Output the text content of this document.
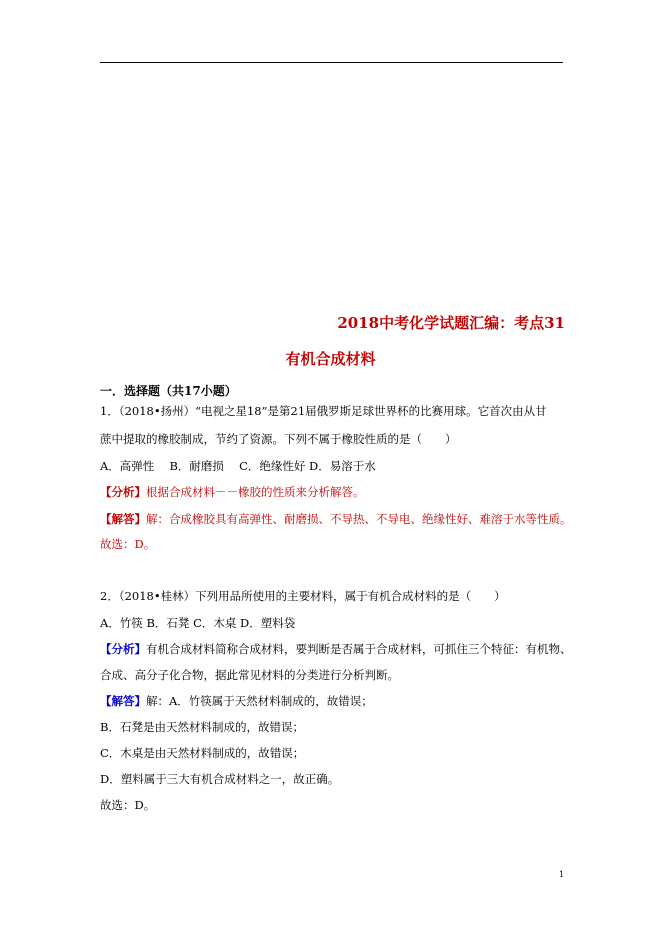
2018中考化学试题汇编：考点31
有机合成材料
一．选择题（共17小题）
1．（2018•扬州）“电视之星18”是第21届俄罗斯足球世界杯的比赛用球。它首次由从甘
蔗中提取的橡胶制成，节约了资源。下列不属于橡胶性质的是（　　）
A．高弹性　 B．耐磨损　 C．绝缘性好 D．易溶于水
【分析】根据合成材料－－橡胶的性质来分析解答。
【解答】解：合成橡胶具有高弹性、耐磨损、不导热、不导电、绝缘性好、难溶于水等性质。
故选：D。
2．（2018•桂林）下列用品所使用的主要材料，属于有机合成材料的是（　　）
A．竹筷 B．石凳 C．木桌 D．塑料袋
【分析】有机合成材料简称合成材料，要判断是否属于合成材料，可抓住三个特征：有机物、
合成、高分子化合物，据此常见材料的分类进行分析判断。
【解答】解：A．竹筷属于天然材料制成的，故错误；
B．石凳是由天然材料制成的，故错误；
C．木桌是由天然材料制成的，故错误；
D．塑料属于三大有机合成材料之一，故正确。
故选：D。
1
